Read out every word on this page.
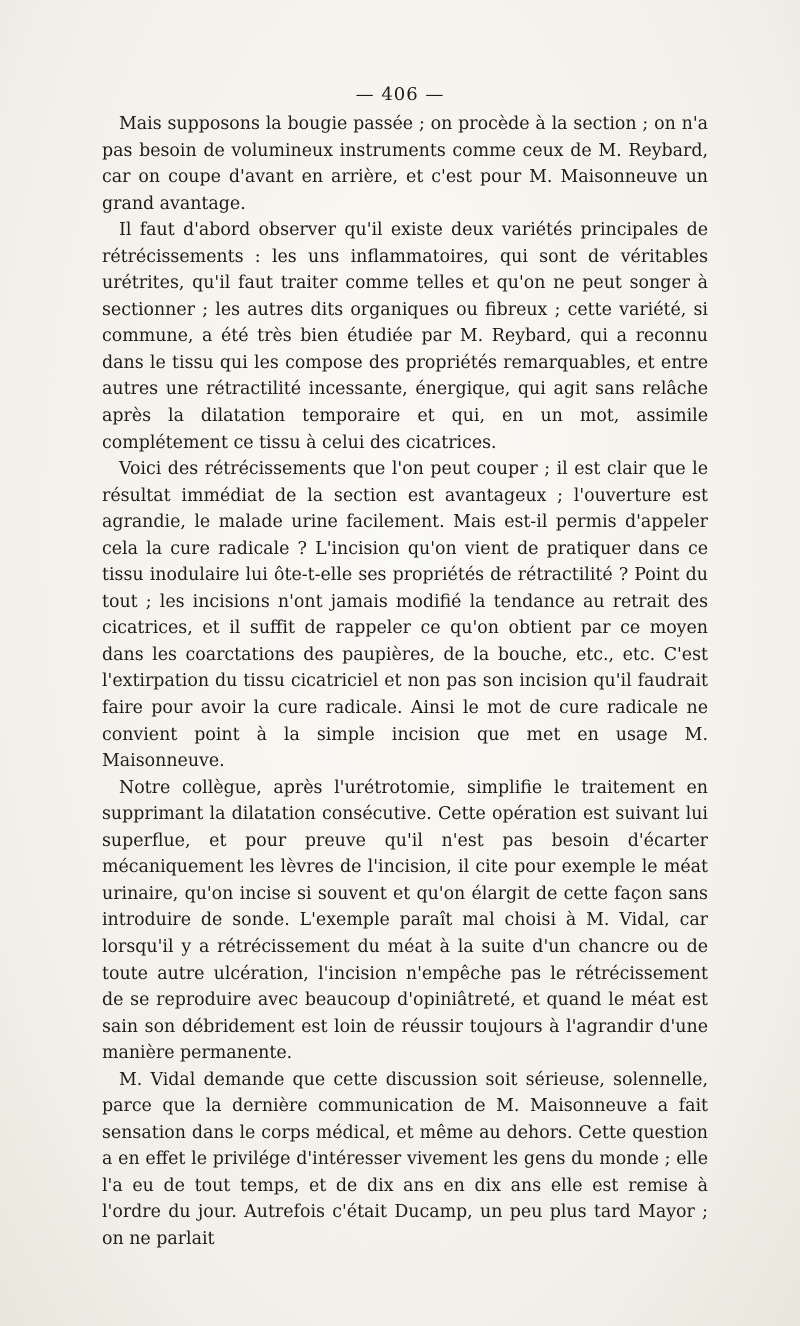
— 406 —

Mais supposons la bougie passée ; on procède à la section ; on n'a pas besoin de volumineux instruments comme ceux de M. Reybard, car on coupe d'avant en arrière, et c'est pour M. Maisonneuve un grand avantage.

Il faut d'abord observer qu'il existe deux variétés principales de rétrécissements : les uns inflammatoires, qui sont de véritables urétrites, qu'il faut traiter comme telles et qu'on ne peut songer à sectionner ; les autres dits organiques ou fibreux ; cette variété, si commune, a été très bien étudiée par M. Reybard, qui a reconnu dans le tissu qui les compose des propriétés remarquables, et entre autres une rétractilité incessante, énergique, qui agit sans relâche après la dilatation temporaire et qui, en un mot, assimile complétement ce tissu à celui des cicatrices.

Voici des rétrécissements que l'on peut couper ; il est clair que le résultat immédiat de la section est avantageux ; l'ouverture est agrandie, le malade urine facilement. Mais est-il permis d'appeler cela la cure radicale ? L'incision qu'on vient de pratiquer dans ce tissu inodulaire lui ôte-t-elle ses propriétés de rétractilité ? Point du tout ; les incisions n'ont jamais modifié la tendance au retrait des cicatrices, et il suffit de rappeler ce qu'on obtient par ce moyen dans les coarctations des paupières, de la bouche, etc., etc. C'est l'extirpation du tissu cicatriciel et non pas son incision qu'il faudrait faire pour avoir la cure radicale. Ainsi le mot de cure radicale ne convient point à la simple incision que met en usage M. Maisonneuve.

Notre collègue, après l'urétrotomie, simplifie le traitement en supprimant la dilatation consécutive. Cette opération est suivant lui superflue, et pour preuve qu'il n'est pas besoin d'écarter mécaniquement les lèvres de l'incision, il cite pour exemple le méat urinaire, qu'on incise si souvent et qu'on élargit de cette façon sans introduire de sonde. L'exemple paraît mal choisi à M. Vidal, car lorsqu'il y a rétrécissement du méat à la suite d'un chancre ou de toute autre ulcération, l'incision n'empêche pas le rétrécissement de se reproduire avec beaucoup d'opiniâtreté, et quand le méat est sain son débridement est loin de réussir toujours à l'agrandir d'une manière permanente.

M. Vidal demande que cette discussion soit sérieuse, solennelle, parce que la dernière communication de M. Maisonneuve a fait sensation dans le corps médical, et même au dehors. Cette question a en effet le privilége d'intéresser vivement les gens du monde ; elle l'a eu de tout temps, et de dix ans en dix ans elle est remise à l'ordre du jour. Autrefois c'était Ducamp, un peu plus tard Mayor ; on ne parlait
